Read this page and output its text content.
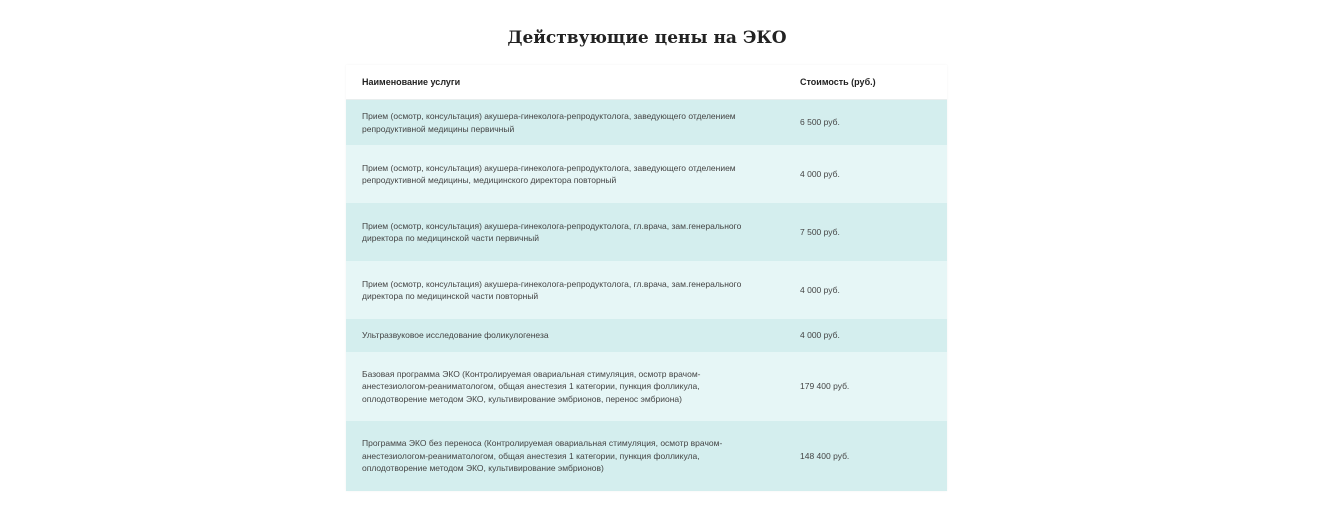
Действующие цены на ЭКО
Наименование услуги	Стоимость (руб.)
Прием (осмотр, консультация) акушера-гинеколога-репродуктолога, заведующего отделением репродуктивной медицины первичный	6 500 руб.
Прием (осмотр, консультация) акушера-гинеколога-репродуктолога, заведующего отделением репродуктивной медицины, медицинского директора повторный	4 000 руб.
Прием (осмотр, консультация) акушера-гинеколога-репродуктолога, гл.врача, зам.генерального директора по медицинской части первичный	7 500 руб.
Прием (осмотр, консультация) акушера-гинеколога-репродуктолога, гл.врача, зам.генерального директора по медицинской части повторный	4 000 руб.
Ультразвуковое исследование фоликулогенеза	4 000 руб.
Базовая программа ЭКО (Контролируемая овариальная стимуляция, осмотр врачом-анестезиологом-реаниматологом, общая анестезия 1 категории, пункция фолликула, оплодотворение методом ЭКО, культивирование эмбрионов, перенос эмбриона)	179 400 руб.
Программа ЭКО без переноса (Контролируемая овариальная стимуляция, осмотр врачом-анестезиологом-реаниматологом, общая анестезия 1 категории, пункция фолликула, оплодотворение методом ЭКО, культивирование эмбрионов)	148 400 руб.
